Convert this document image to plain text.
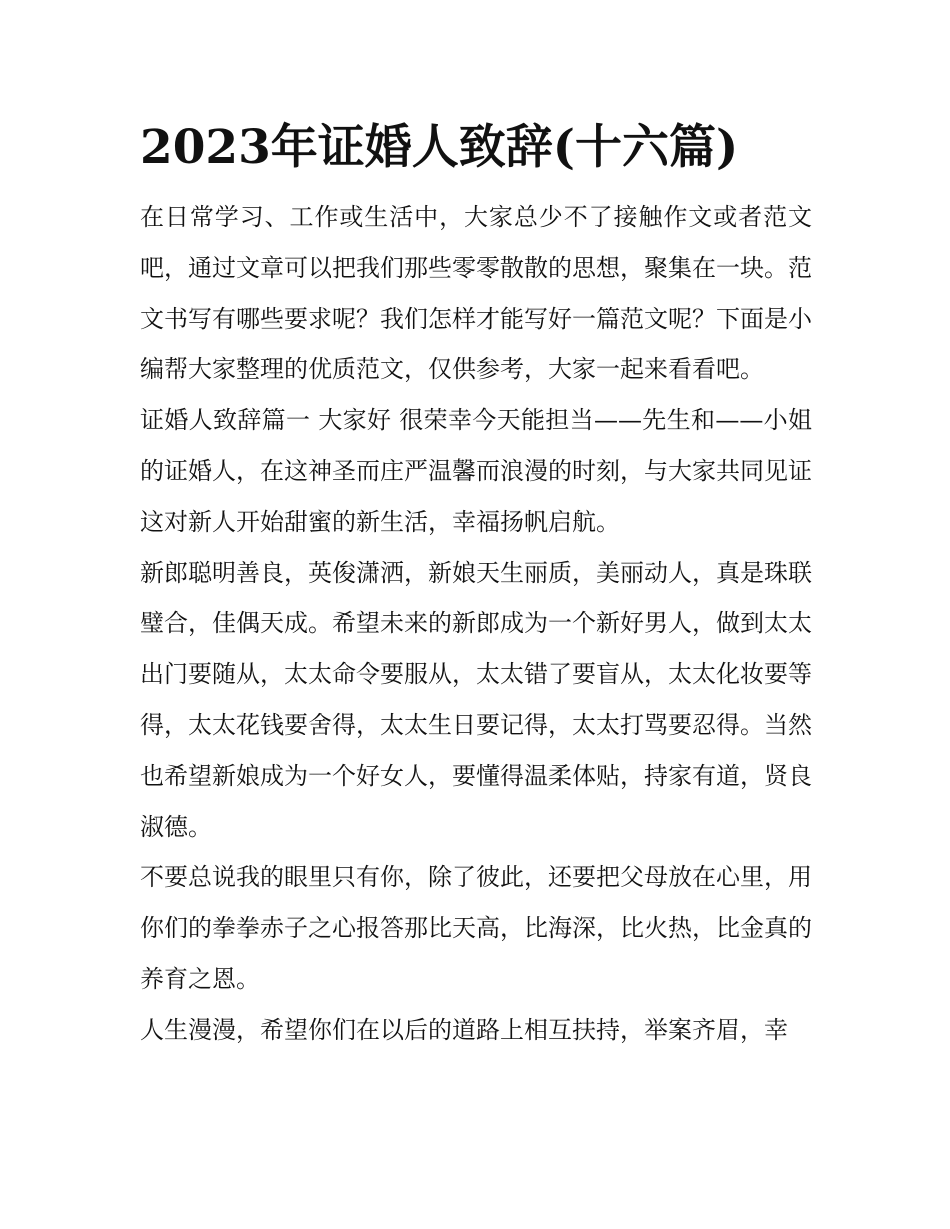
2023年证婚人致辞(十六篇)

在日常学习、工作或生活中，大家总少不了接触作文或者范文吧，通过文章可以把我们那些零零散散的思想，聚集在一块。范文书写有哪些要求呢？我们怎样才能写好一篇范文呢？下面是小编帮大家整理的优质范文，仅供参考，大家一起来看看吧。

证婚人致辞篇一 大家好 很荣幸今天能担当——先生和——小姐的证婚人，在这神圣而庄严温馨而浪漫的时刻，与大家共同见证这对新人开始甜蜜的新生活，幸福扬帆启航。

新郎聪明善良，英俊潇洒，新娘天生丽质，美丽动人，真是珠联璧合，佳偶天成。希望未来的新郎成为一个新好男人，做到太太出门要随从，太太命令要服从，太太错了要盲从，太太化妆要等得，太太花钱要舍得，太太生日要记得，太太打骂要忍得。当然也希望新娘成为一个好女人，要懂得温柔体贴，持家有道，贤良淑德。

不要总说我的眼里只有你，除了彼此，还要把父母放在心里，用你们的拳拳赤子之心报答那比天高，比海深，比火热，比金真的养育之恩。

人生漫漫，希望你们在以后的道路上相互扶持，举案齐眉，幸
